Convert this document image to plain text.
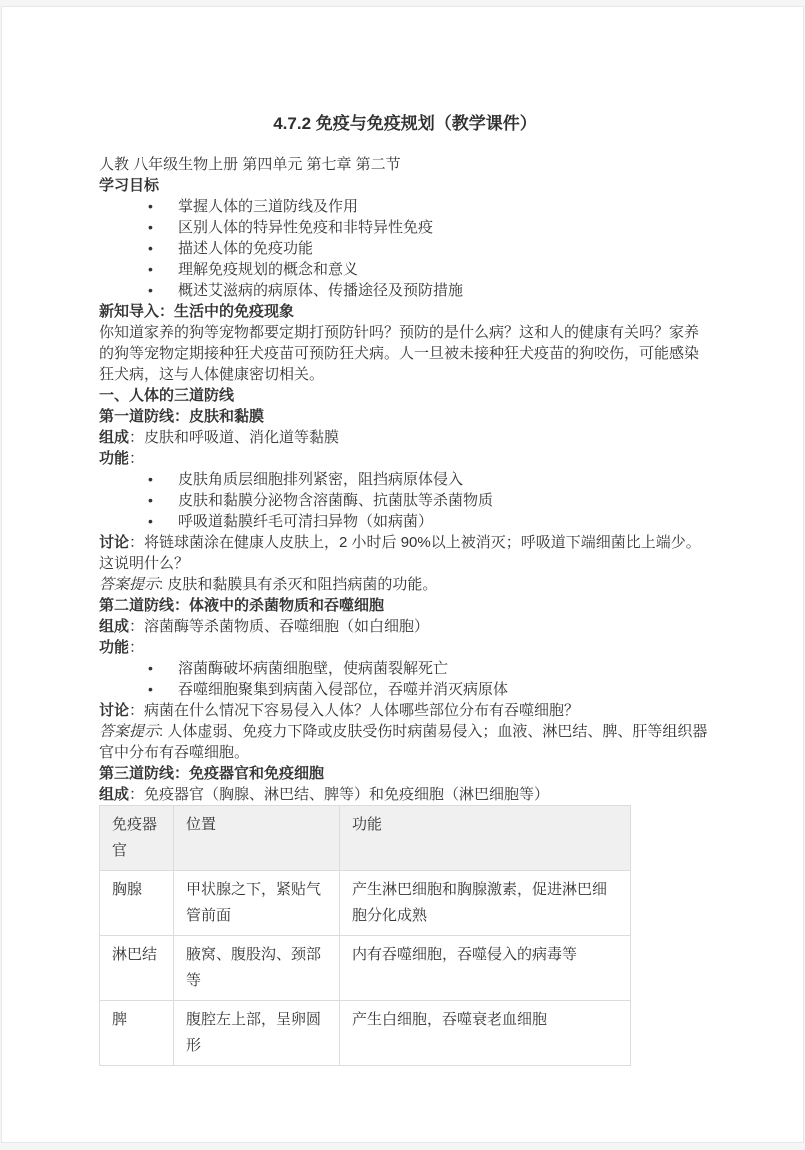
4.7.2 免疫与免疫规划（教学课件）

人教 八年级生物上册 第四单元 第七章 第二节

学习目标

• 掌握人体的三道防线及作用
• 区别人体的特异性免疫和非特异性免疫
• 描述人体的免疫功能
• 理解免疫规划的概念和意义
• 概述艾滋病的病原体、传播途径及预防措施

新知导入：生活中的免疫现象

你知道家养的狗等宠物都要定期打预防针吗？预防的是什么病？这和人的健康有关吗？家养的狗等宠物定期接种狂犬疫苗可预防狂犬病。人一旦被未接种狂犬疫苗的狗咬伤，可能感染狂犬病，这与人体健康密切相关。

一、人体的三道防线

第一道防线：皮肤和黏膜

组成：皮肤和呼吸道、消化道等黏膜

功能：

• 皮肤角质层细胞排列紧密，阻挡病原体侵入
• 皮肤和黏膜分泌物含溶菌酶、抗菌肽等杀菌物质
• 呼吸道黏膜纤毛可清扫异物（如病菌）

讨论：将链球菌涂在健康人皮肤上，2 小时后 90%以上被消灭；呼吸道下端细菌比上端少。这说明什么？

答案提示: 皮肤和黏膜具有杀灭和阻挡病菌的功能。

第二道防线：体液中的杀菌物质和吞噬细胞

组成：溶菌酶等杀菌物质、吞噬细胞（如白细胞）

功能：

• 溶菌酶破坏病菌细胞壁，使病菌裂解死亡
• 吞噬细胞聚集到病菌入侵部位，吞噬并消灭病原体

讨论：病菌在什么情况下容易侵入人体？人体哪些部位分布有吞噬细胞？

答案提示: 人体虚弱、免疫力下降或皮肤受伤时病菌易侵入；血液、淋巴结、脾、肝等组织器官中分布有吞噬细胞。

第三道防线：免疫器官和免疫细胞

组成：免疫器官（胸腺、淋巴结、脾等）和免疫细胞（淋巴细胞等）

免疫器官	位置	功能
胸腺	甲状腺之下，紧贴气管前面	产生淋巴细胞和胸腺激素，促进淋巴细胞分化成熟
淋巴结	腋窝、腹股沟、颈部等	内有吞噬细胞，吞噬侵入的病毒等
脾	腹腔左上部，呈卵圆形	产生白细胞，吞噬衰老血细胞
